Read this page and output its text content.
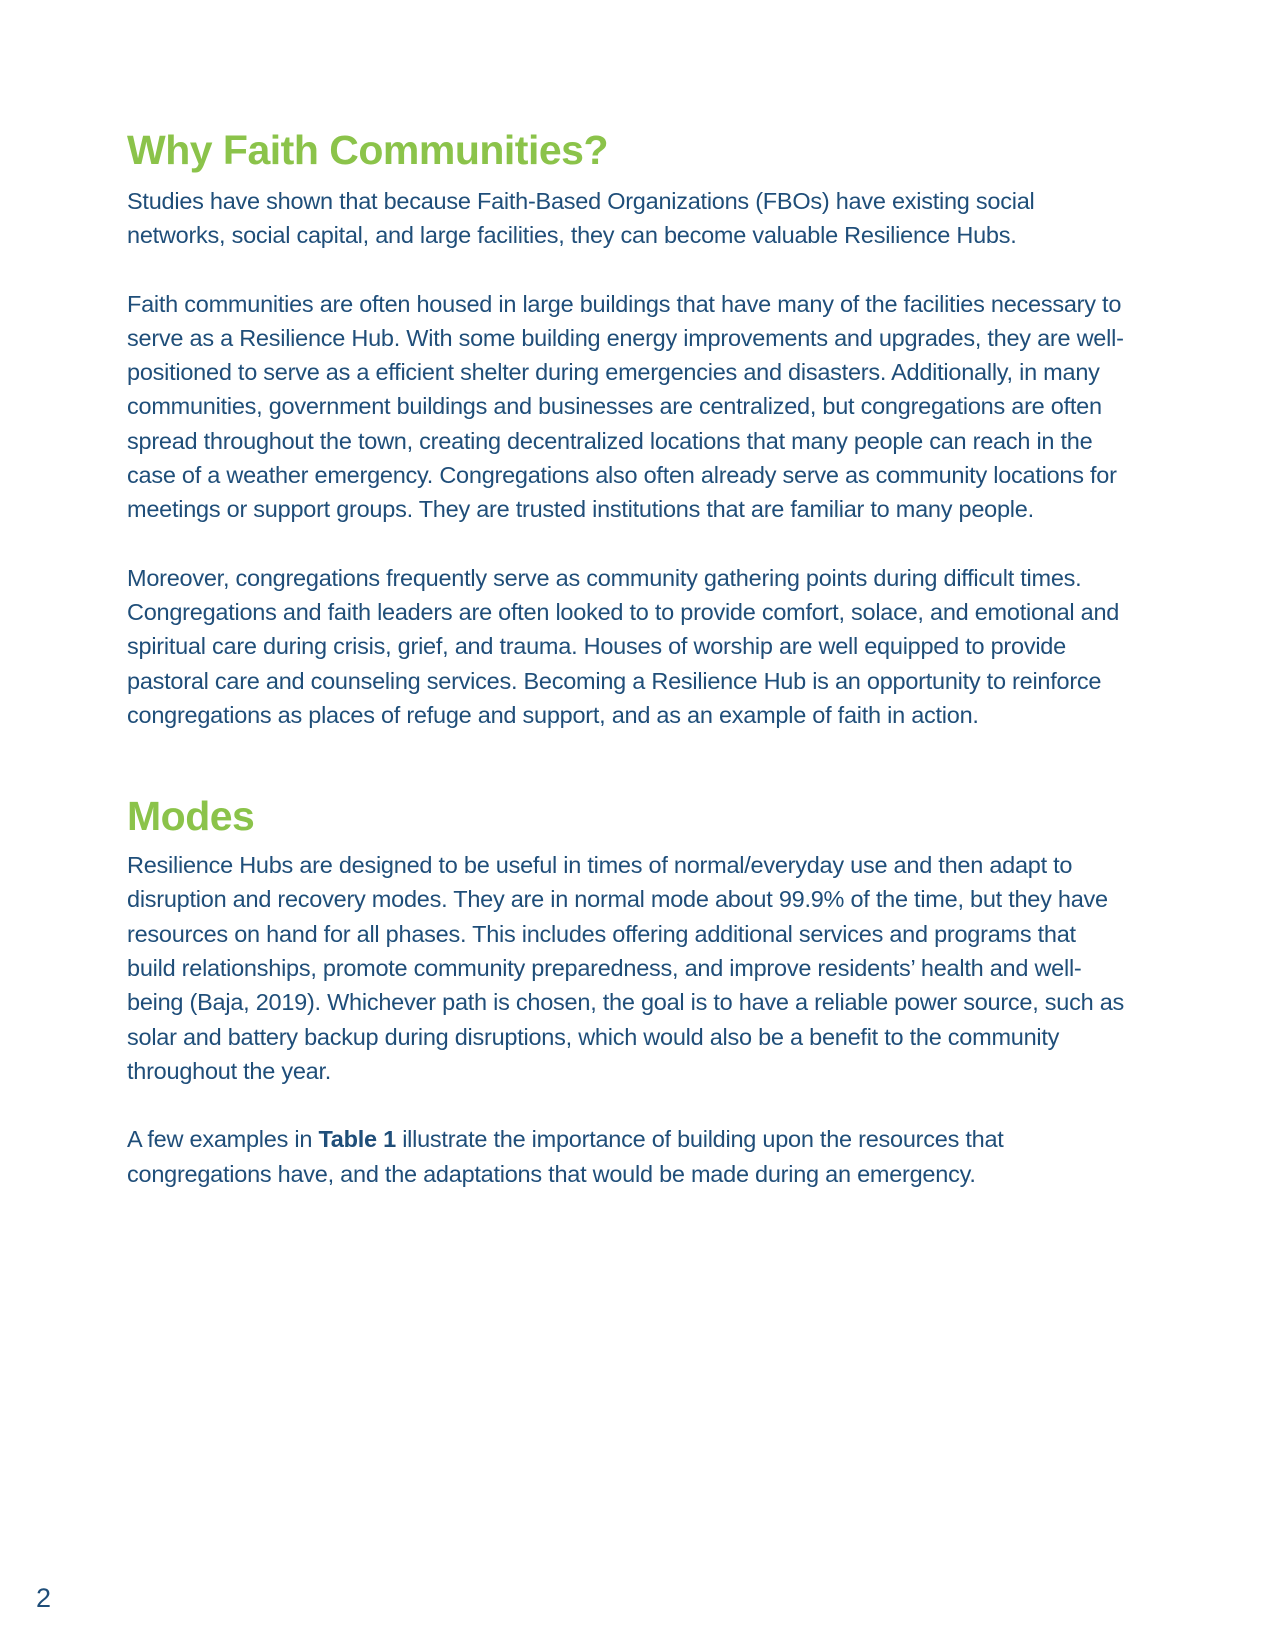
Why Faith Communities?

Studies have shown that because Faith-Based Organizations (FBOs) have existing social networks, social capital, and large facilities, they can become valuable Resilience Hubs.

Faith communities are often housed in large buildings that have many of the facilities necessary to serve as a Resilience Hub. With some building energy improvements and upgrades, they are well-positioned to serve as a efficient shelter during emergencies and disasters. Additionally, in many communities, government buildings and businesses are centralized, but congregations are often spread throughout the town, creating decentralized locations that many people can reach in the case of a weather emergency. Congregations also often already serve as community locations for meetings or support groups. They are trusted institutions that are familiar to many people.

Moreover, congregations frequently serve as community gathering points during difficult times. Congregations and faith leaders are often looked to to provide comfort, solace, and emotional and spiritual care during crisis, grief, and trauma. Houses of worship are well equipped to provide pastoral care and counseling services. Becoming a Resilience Hub is an opportunity to reinforce congregations as places of refuge and support, and as an example of faith in action.

Modes

Resilience Hubs are designed to be useful in times of normal/everyday use and then adapt to disruption and recovery modes. They are in normal mode about 99.9% of the time, but they have resources on hand for all phases. This includes offering additional services and programs that build relationships, promote community preparedness, and improve residents’ health and well-being (Baja, 2019). Whichever path is chosen, the goal is to have a reliable power source, such as solar and battery backup during disruptions, which would also be a benefit to the community throughout the year.

A few examples in Table 1 illustrate the importance of building upon the resources that congregations have, and the adaptations that would be made during an emergency.

2
